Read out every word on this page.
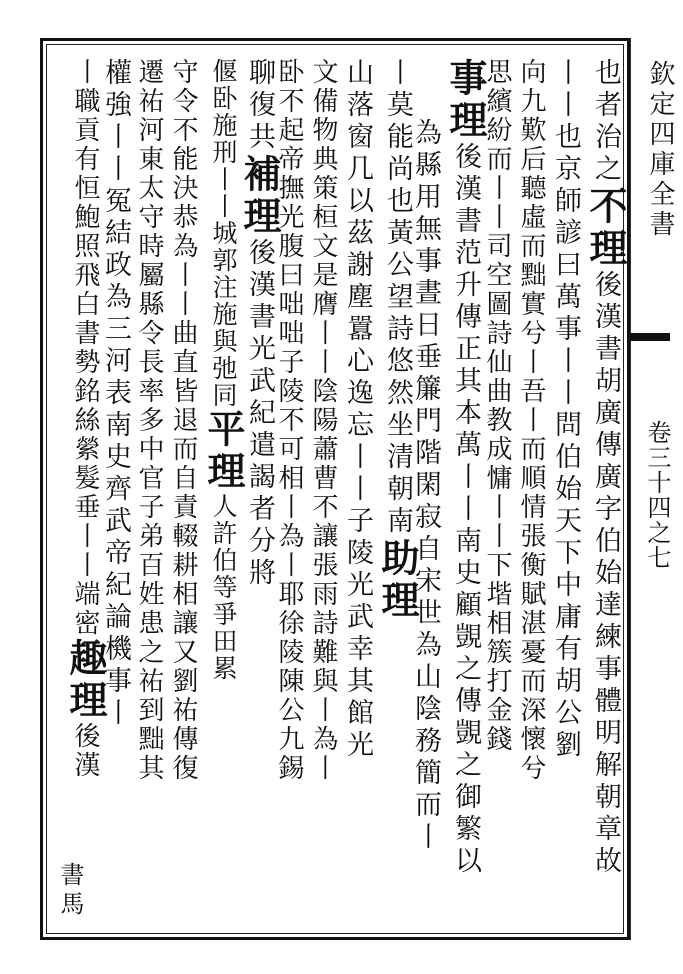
欽定四庫全書
卷三十四之七
也者治之不理後漢書胡廣傳廣字伯始達練事體明解朝章故
丨丨也京師諺曰萬事丨丨問伯始天下中庸有胡公劉
向九歎后聽虛而黜實兮丨吾丨而順情張衡賦湛憂而深懷兮
思繽紛而丨丨司空圖詩仙曲教成慵丨丨下堦相簇打金錢
事理後漢書范升傳正其本萬丨丨南史顧覬之傳覬之御繁以
為縣用無事晝日垂簾門階閑寂自宋世為山陰務簡而丨
丨莫能尚也黃公望詩悠然坐清朝南助理
山落窗几以茲謝塵囂心逸忘丨丨子陵光武幸其館光
文備物典策桓文是膺丨丨陰陽蕭曹不讓張雨詩難與丨為丨
卧不起帝撫光腹曰咄咄子陵不可相丨為丨耶徐陵陳公九錫
聊復共補理後漢書光武紀遣謁者分將
偃卧施刑丨丨城郭注施與弛同平理人許伯等爭田累
守令不能決恭為丨丨曲直皆退而自責輟耕相讓又劉祐傳復
遷祐河東太守時屬縣令長率多中官子弟百姓患之祐到黜其
權強丨丨冤結政為三河表南史齊武帝紀論機事丨
丨職貢有恒鮑照飛白書勢銘絲縈髮垂丨丨端密趣理後漢
書馬
